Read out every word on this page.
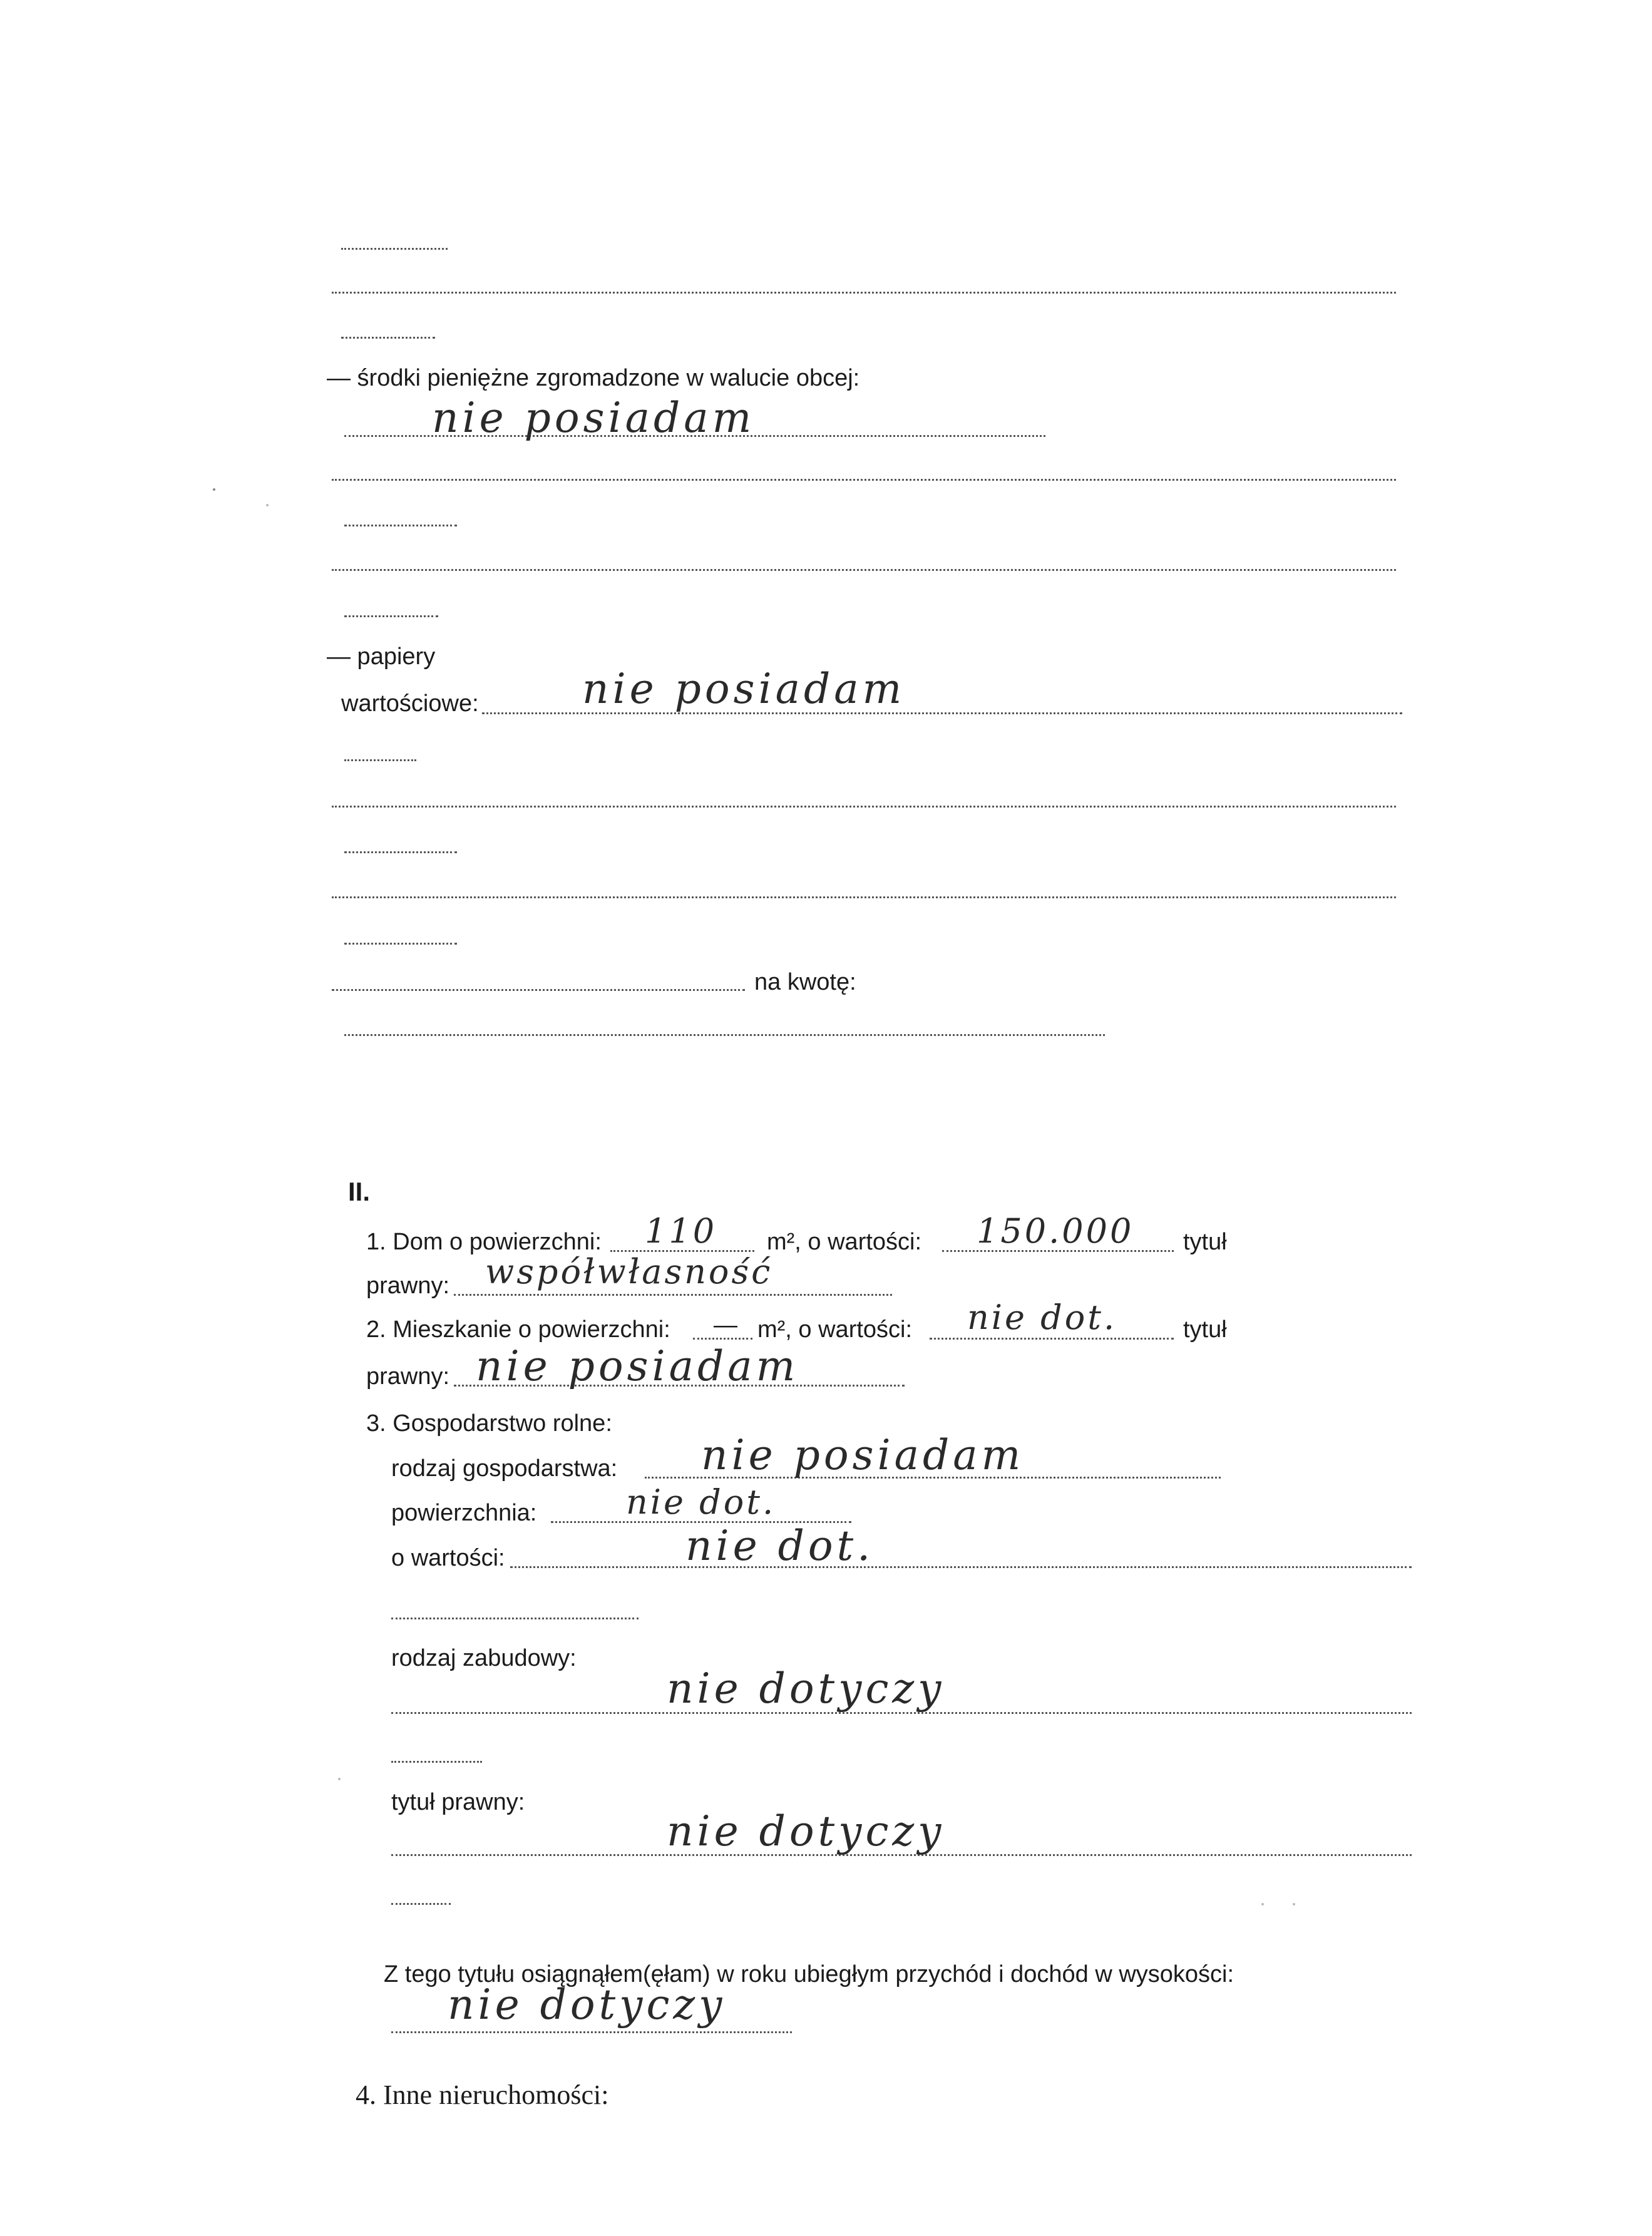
— środki pieniężne zgromadzone w walucie obcej:
nie posiadam
— papiery
wartościowe:	nie posiadam
na kwotę:
II.
1. Dom o powierzchni: 110 m², o wartości: 150.000 tytuł
prawny: współwłasność
2. Mieszkanie o powierzchni: — m², o wartości: nie dot.	tytuł
prawny: nie posiadam
3. Gospodarstwo rolne:
rodzaj gospodarstwa: nie posiadam
powierzchnia:	nie dot.
o wartości:	nie dot.
rodzaj zabudowy:
nie dotyczy
tytuł prawny:
nie dotyczy
Z tego tytułu osiągnąłem(ęłam) w roku ubiegłym przychód i dochód w wysokości:
nie dotyczy
4. Inne nieruchomości:
